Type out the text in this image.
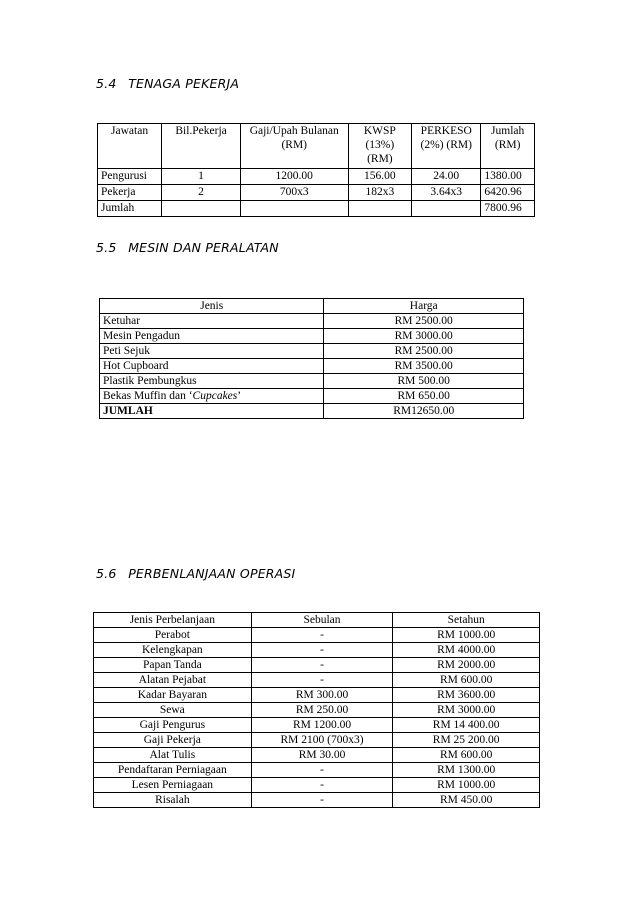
5.4 TENAGA PEKERJA
Jawatan	Bil.Pekerja	Gaji/Upah Bulanan (RM)	KWSP (13%) (RM)	PERKESO (2%) (RM)	Jumlah (RM)
Pengurusi	1	1200.00	156.00	24.00	1380.00
Pekerja	2	700x3	182x3	3.64x3	6420.96
Jumlah					7800.96
5.5 MESIN DAN PERALATAN
Jenis	Harga
Ketuhar	RM 2500.00
Mesin Pengadun	RM 3000.00
Peti Sejuk	RM 2500.00
Hot Cupboard	RM 3500.00
Plastik Pembungkus	RM 500.00
Bekas Muffin dan ‘Cupcakes’	RM 650.00
JUMLAH	RM12650.00
5.6 PERBENLANJAAN OPERASI
Jenis Perbelanjaan	Sebulan	Setahun
Perabot	-	RM 1000.00
Kelengkapan	-	RM 4000.00
Papan Tanda	-	RM 2000.00
Alatan Pejabat	-	RM 600.00
Kadar Bayaran	RM 300.00	RM 3600.00
Sewa	RM 250.00	RM 3000.00
Gaji Pengurus	RM 1200.00	RM 14 400.00
Gaji Pekerja	RM 2100 (700x3)	RM 25 200.00
Alat Tulis	RM 30.00	RM 600.00
Pendaftaran Perniagaan	-	RM 1300.00
Lesen Perniagaan	-	RM 1000.00
Risalah	-	RM 450.00
